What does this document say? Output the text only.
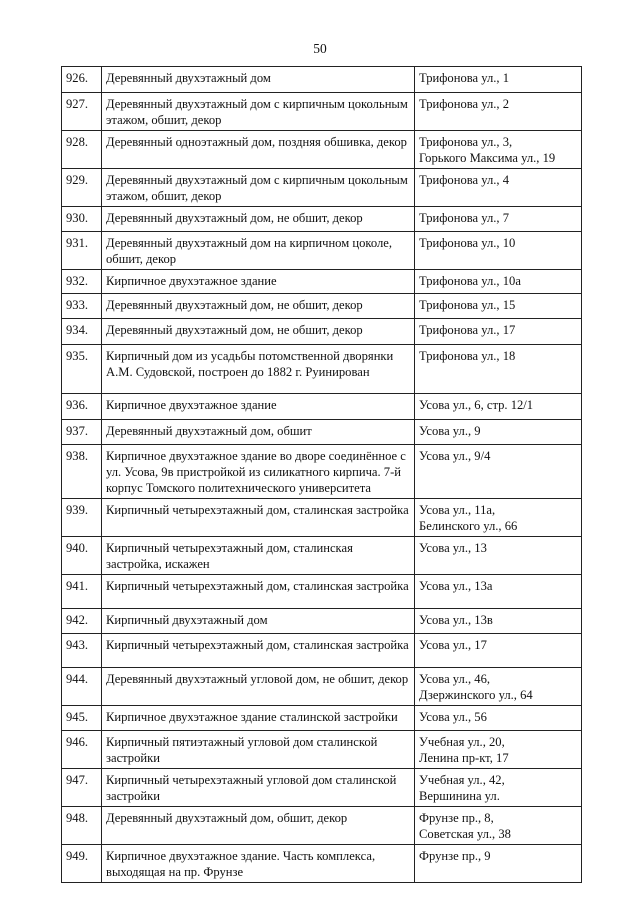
50
926.	Деревянный двухэтажный дом	Трифонова ул., 1

927.	Деревянный двухэтажный дом с кирпичным цокольным этажом, обшит, декор	Трифонова ул., 2

928.	Деревянный одноэтажный дом, поздняя обшивка, декор	Трифонова ул., 3,
Горького Максима ул., 19

929.	Деревянный двухэтажный дом с кирпичным цокольным этажом, обшит, декор	Трифонова ул., 4

930.	Деревянный двухэтажный дом, не обшит, декор	Трифонова ул., 7

931.	Деревянный двухэтажный дом на кирпичном цоколе, обшит, декор	Трифонова ул., 10

932.	Кирпичное двухэтажное здание	Трифонова ул., 10а

933.	Деревянный двухэтажный дом, не обшит, декор	Трифонова ул., 15

934.	Деревянный двухэтажный дом, не обшит, декор	Трифонова ул., 17

935.	Кирпичный дом из усадьбы потомственной дворянки А.М. Судовской, построен до 1882 г. Руинирован	Трифонова ул., 18

936.	Кирпичное двухэтажное здание	Усова ул., 6, стр. 12/1

937.	Деревянный двухэтажный дом, обшит	Усова ул., 9

938.	Кирпичное двухэтажное здание во дворе соединённое с ул. Усова, 9в пристройкой из силикатного кирпича. 7-й корпус Томского политехнического университета	Усова ул., 9/4

939.	Кирпичный четырехэтажный дом, сталинская застройка	Усова ул., 11а,
Белинского ул., 66

940.	Кирпичный четырехэтажный дом, сталинская застройка, искажен	Усова ул., 13

941.	Кирпичный четырехэтажный дом, сталинская застройка	Усова ул., 13а

942.	Кирпичный двухэтажный дом	Усова ул., 13в

943.	Кирпичный четырехэтажный дом, сталинская застройка	Усова ул., 17

944.	Деревянный двухэтажный угловой дом, не обшит, декор	Усова ул., 46,
Дзержинского ул., 64

945.	Кирпичное двухэтажное здание сталинской застройки	Усова ул., 56

946.	Кирпичный пятиэтажный угловой дом сталинской застройки	Учебная ул., 20,
Ленина пр-кт, 17

947.	Кирпичный четырехэтажный угловой дом сталинской застройки	Учебная ул., 42,
Вершинина ул.

948.	Деревянный двухэтажный дом, обшит, декор	Фрунзе пр., 8,
Советская ул., 38

949.	Кирпичное двухэтажное здание. Часть комплекса, выходящая на пр. Фрунзе	Фрунзе пр., 9
